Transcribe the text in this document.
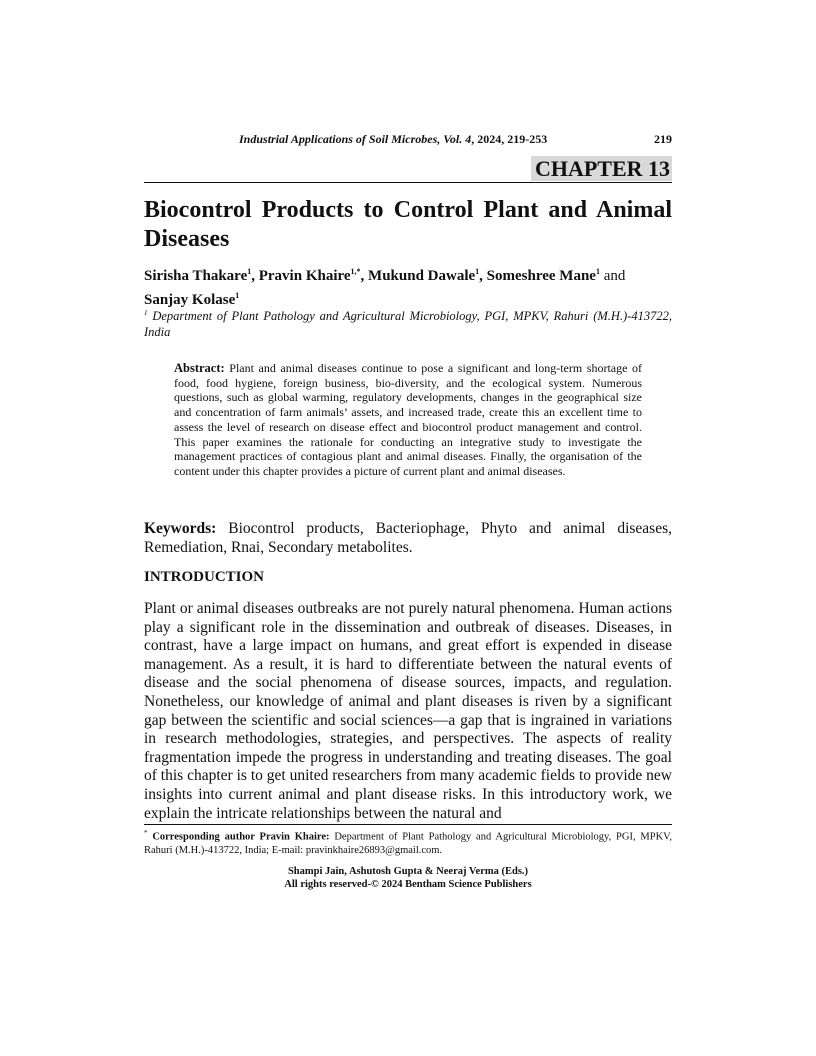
Industrial Applications of Soil Microbes, Vol. 4, 2024, 219-253	219
CHAPTER 13
Biocontrol Products to Control Plant and Animal Diseases
Sirisha Thakare$^1$, Pravin Khaire$^{1,*}$, Mukund Dawale$^1$, Someshree Mane$^1$ and Sanjay Kolase$^1$
$^1$ Department of Plant Pathology and Agricultural Microbiology, PGI, MPKV, Rahuri (M.H.)-413722, India
Abstract: Plant and animal diseases continue to pose a significant and long-term shortage of food, food hygiene, foreign business, bio-diversity, and the ecological system. Numerous questions, such as global warming, regulatory developments, changes in the geographical size and concentration of farm animals’ assets, and increased trade, create this an excellent time to assess the level of research on disease effect and biocontrol product management and control. This paper examines the rationale for conducting an integrative study to investigate the management practices of contagious plant and animal diseases. Finally, the organisation of the content under this chapter provides a picture of current plant and animal diseases.
Keywords: Biocontrol products, Bacteriophage, Phyto and animal diseases, Remediation, Rnai, Secondary metabolites.
INTRODUCTION
Plant or animal diseases outbreaks are not purely natural phenomena. Human actions play a significant role in the dissemination and outbreak of diseases. Diseases, in contrast, have a large impact on humans, and great effort is expended in disease management. As a result, it is hard to differentiate between the natural events of disease and the social phenomena of disease sources, impacts, and regulation. Nonetheless, our knowledge of animal and plant diseases is riven by a significant gap between the scientific and social sciences—a gap that is ingrained in variations in research methodologies, strategies, and perspectives. The aspects of reality fragmentation impede the progress in understanding and treating diseases. The goal of this chapter is to get united researchers from many academic fields to provide new insights into current animal and plant disease risks. In this introductory work, we explain the intricate relationships between the natural and
* Corresponding author Pravin Khaire: Department of Plant Pathology and Agricultural Microbiology, PGI, MPKV, Rahuri (M.H.)-413722, India; E-mail: pravinkhaire26893@gmail.com.
Shampi Jain, Ashutosh Gupta & Neeraj Verma (Eds.)
All rights reserved-© 2024 Bentham Science Publishers
